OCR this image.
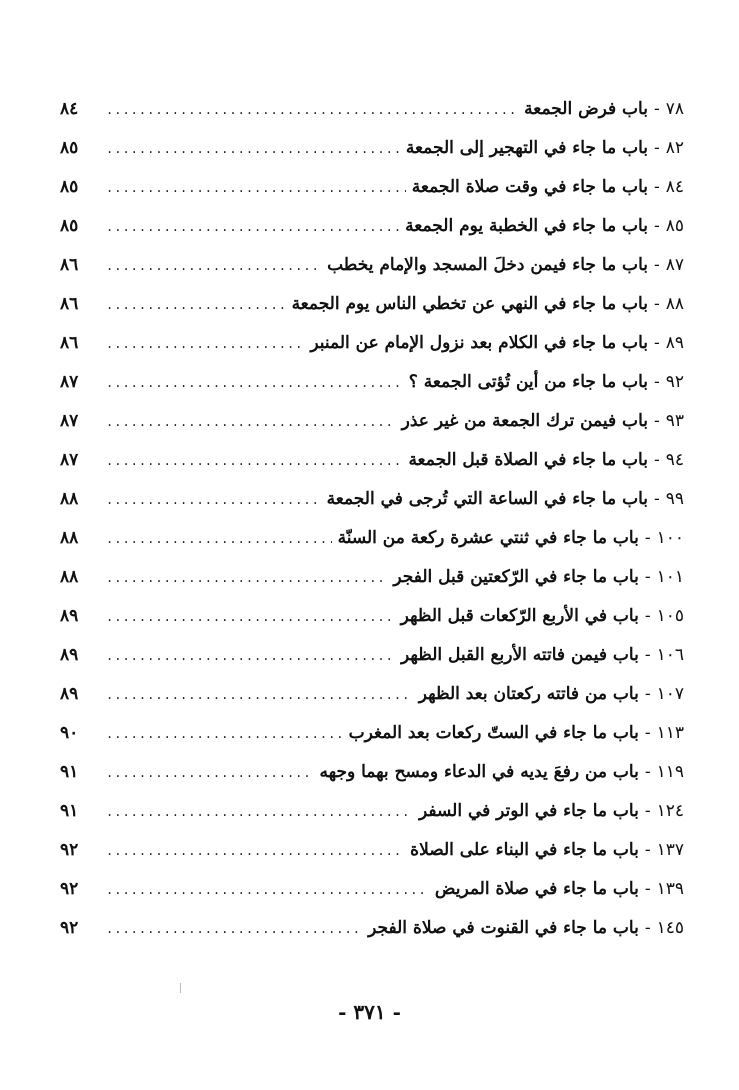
٧٨
-
باب فرض الجمعة
.....
٨٤
٨٢
-
باب ما جاء في التهجير إلى الجمعة
.....
٨٥
٨٤
-
باب ما جاء في وقت صلاة الجمعة
.....
٨٥
٨٥
-
باب ما جاء في الخطبة يوم الجمعة
.....
٨٥
٨٧
-
باب ما جاء فيمن دخلَ المسجد والإمام يخطب
.....
٨٦
٨٨
-
باب ما جاء في النهي عن تخطي الناس يوم الجمعة
.....
٨٦
٨٩
-
باب ما جاء في الكلام بعد نزول الإمام عن المنبر
.....
٨٦
٩٢
-
باب ما جاء من أين تُؤتى الجمعة ؟
.....
٨٧
٩٣
-
باب فيمن ترك الجمعة من غير عذر
.....
٨٧
٩٤
-
باب ما جاء في الصلاة قبل الجمعة
.....
٨٧
٩٩
-
باب ما جاء في الساعة التي تُرجى في الجمعة
.....
٨٨
١٠٠
-
باب ما جاء في ثنتي عشرة ركعة من السنّة
.....
٨٨
١٠١
-
باب ما جاء في الرّكعتين قبل الفجر
.....
٨٨
١٠٥
-
باب في الأربع الرّكعات قبل الظهر
.....
٨٩
١٠٦
-
باب فيمن فاتته الأربع القبل الظهر
.....
٨٩
١٠٧
-
باب من فاتته ركعتان بعد الظهر
.....
٨٩
١١٣
-
باب ما جاء في الستّ ركعات بعد المغرب
.....
٩٠
١١٩
-
باب من رفعَ يديه في الدعاء ومسح بهما وجهه
.....
٩١
١٢٤
-
باب ما جاء في الوتر في السفر
.....
٩١
١٣٧
-
باب ما جاء في البناء على الصلاة
.....
٩٢
١٣٩
-
باب ما جاء في صلاة المريض
.....
٩٢
١٤٥
-
باب ما جاء في القنوت في صلاة الفجر
.....
٩٢
- ٣٧١ -
